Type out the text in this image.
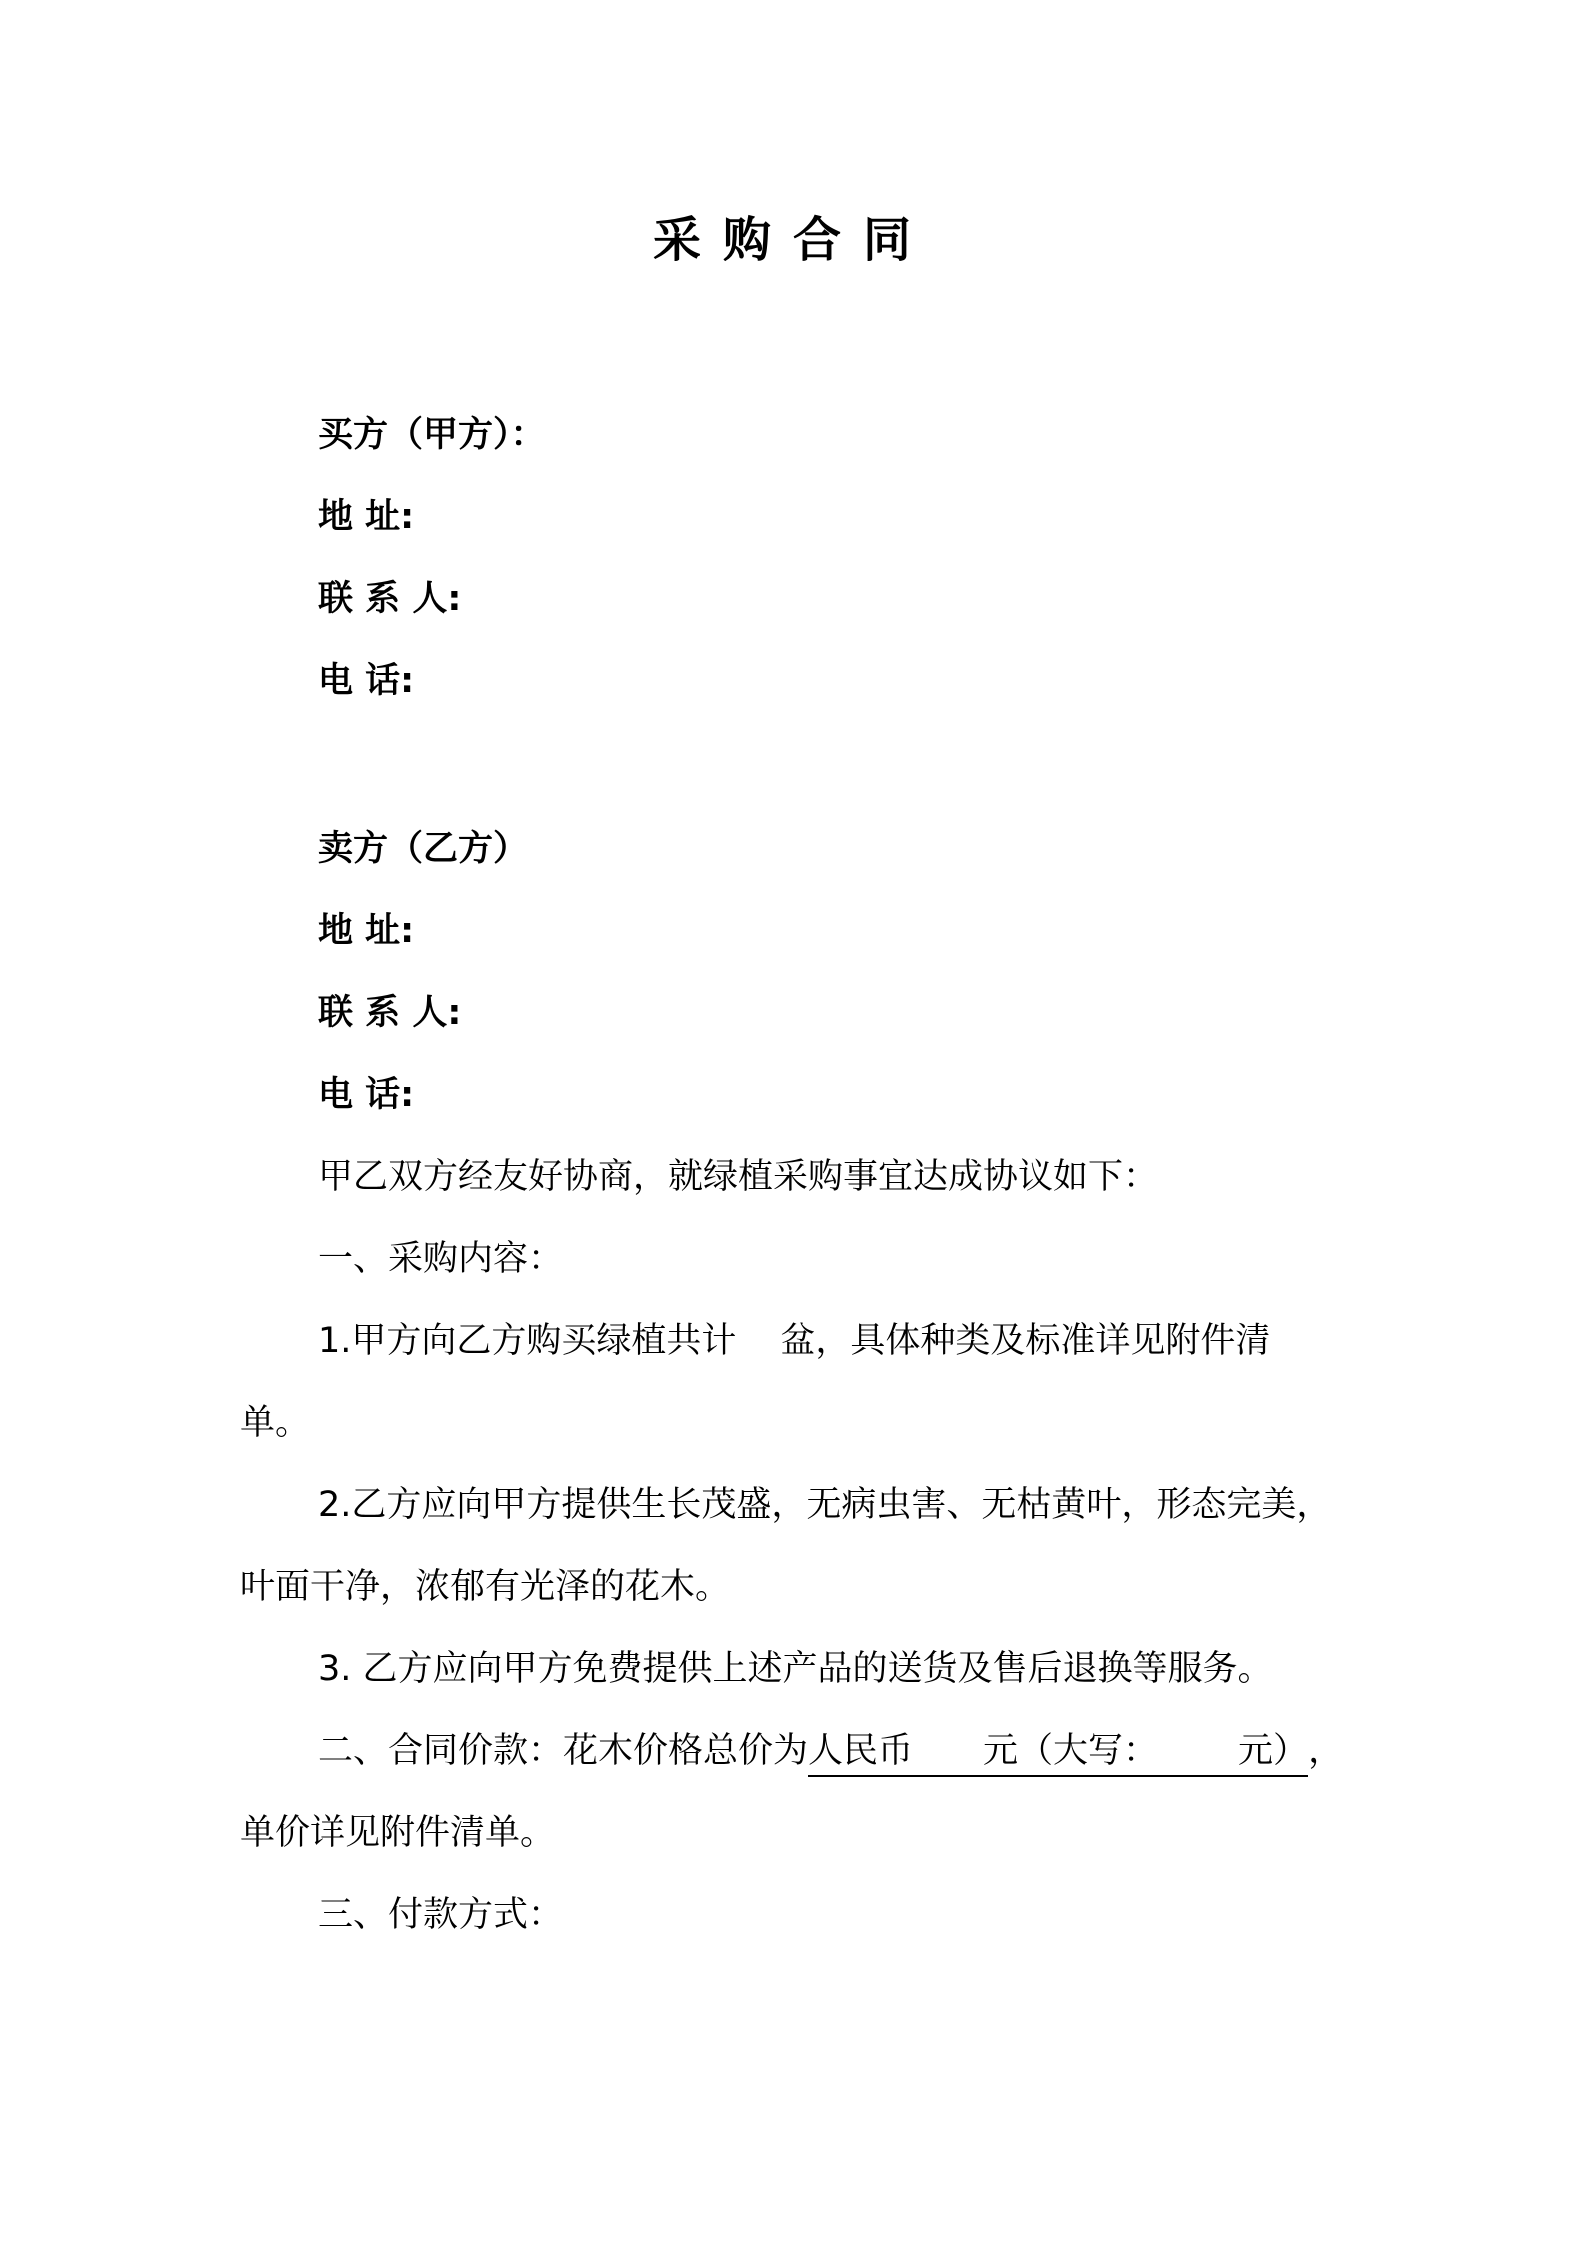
采购合同
买方（甲方）：
地 址:
联 系 人:
电 话:
卖方（乙方）
地 址:
联 系 人:
电 话:
甲乙双方经友好协商，就绿植采购事宜达成协议如下：
一、采购内容：
1.甲方向乙方购买绿植共计 盆，具体种类及标准详见附件清
单。
2.乙方应向甲方提供生长茂盛，无病虫害、无枯黄叶，形态完美，
叶面干净，浓郁有光泽的花木。
3. 乙方应向甲方免费提供上述产品的送货及售后退换等服务。
二、合同价款：花木价格总价为人民币 元（大写： 元），
单价详见附件清单。
三、付款方式：
